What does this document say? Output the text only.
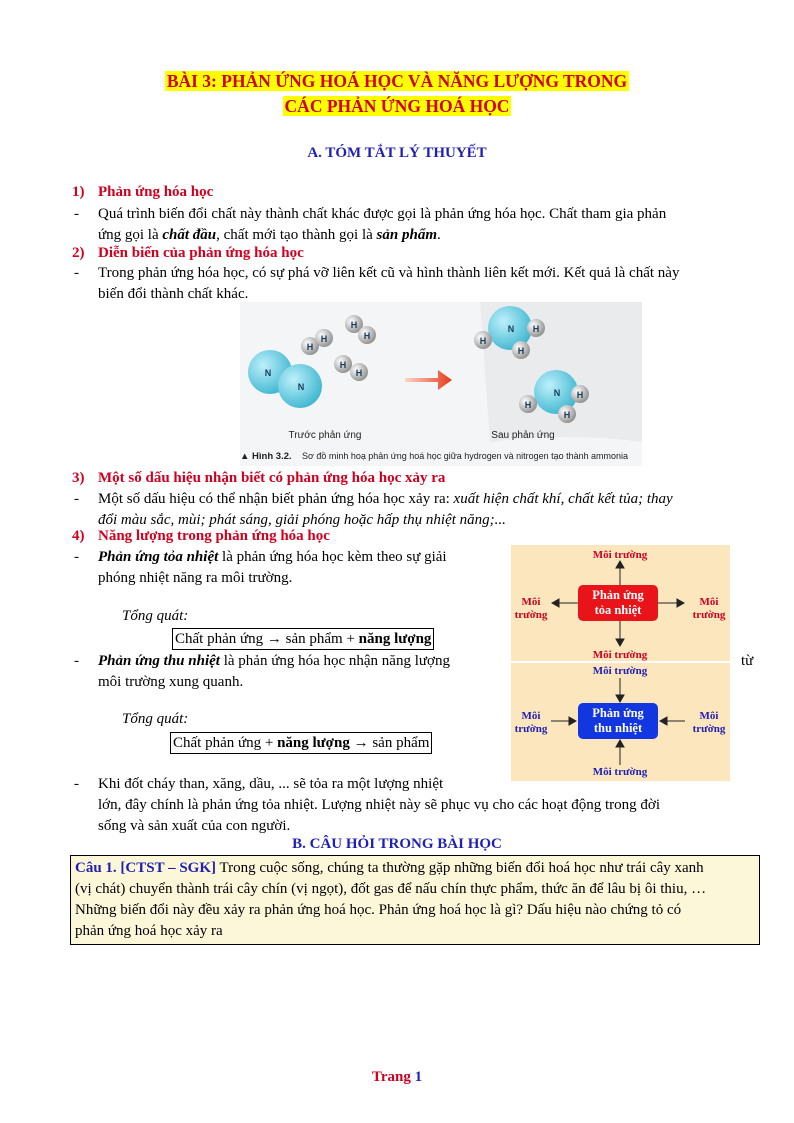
BÀI 3: PHẢN ỨNG HOÁ HỌC VÀ NĂNG LƯỢNG TRONG
CÁC PHẢN ỨNG HOÁ HỌC
A. TÓM TẮT LÝ THUYẾT
1) Phản ứng hóa học
- Quá trình biến đổi chất này thành chất khác được gọi là phản ứng hóa học. Chất tham gia phản
ứng gọi là chất đầu, chất mới tạo thành gọi là sản phẩm.
2) Diễn biến của phản ứng hóa học
- Trong phản ứng hóa học, có sự phá vỡ liên kết cũ và hình thành liên kết mới. Kết quả là chất này
biến đổi thành chất khác.
N
N
H
H
H
H
H
H
N
H
H
H
N
H
H
H
Trước phản ứng	Sau phản ứng
▲ Hình 3.2. Sơ đồ minh hoạ phản ứng hoá học giữa hydrogen và nitrogen tạo thành ammonia
3) Một số dấu hiệu nhận biết có phản ứng hóa học xảy ra
- Một số dấu hiệu có thể nhận biết phản ứng hóa học xảy ra: xuất hiện chất khí, chất kết tủa; thay
đổi màu sắc, mùi; phát sáng, giải phóng hoặc hấp thụ nhiệt năng;...
4) Năng lượng trong phản ứng hóa học
- Phản ứng tỏa nhiệt là phản ứng hóa học kèm theo sự giải
phóng nhiệt năng ra môi trường.
Tổng quát:
Chất phản ứng → sản phẩm + năng lượng
- Phản ứng thu nhiệt là phản ứng hóa học nhận năng lượng
môi trường xung quanh.
từ
Tổng quát:
Chất phản ứng + năng lượng → sản phẩm
- Khi đốt cháy than, xăng, dầu, ... sẽ tỏa ra một lượng nhiệt
lớn, đây chính là phản ứng tỏa nhiệt. Lượng nhiệt này sẽ phục vụ cho các hoạt động trong đời
sống và sản xuất của con người.
Môi trường
Môi
trường
Môi
trường
Phản ứng
tỏa nhiệt
Môi trường
Môi trường
Môi
trường
Môi
trường
Phản ứng
thu nhiệt
Môi trường
B. CÂU HỎI TRONG BÀI HỌC
Câu 1. [CTST – SGK] Trong cuộc sống, chúng ta thường gặp những biến đổi hoá học như trái cây xanh
(vị chát) chuyển thành trái cây chín (vị ngọt), đốt gas để nấu chín thực phẩm, thức ăn để lâu bị ôi thiu, …
Những biến đổi này đều xảy ra phản ứng hoá học. Phản ứng hoá học là gì? Dấu hiệu nào chứng tỏ có
phản ứng hoá học xảy ra
Trang 1
